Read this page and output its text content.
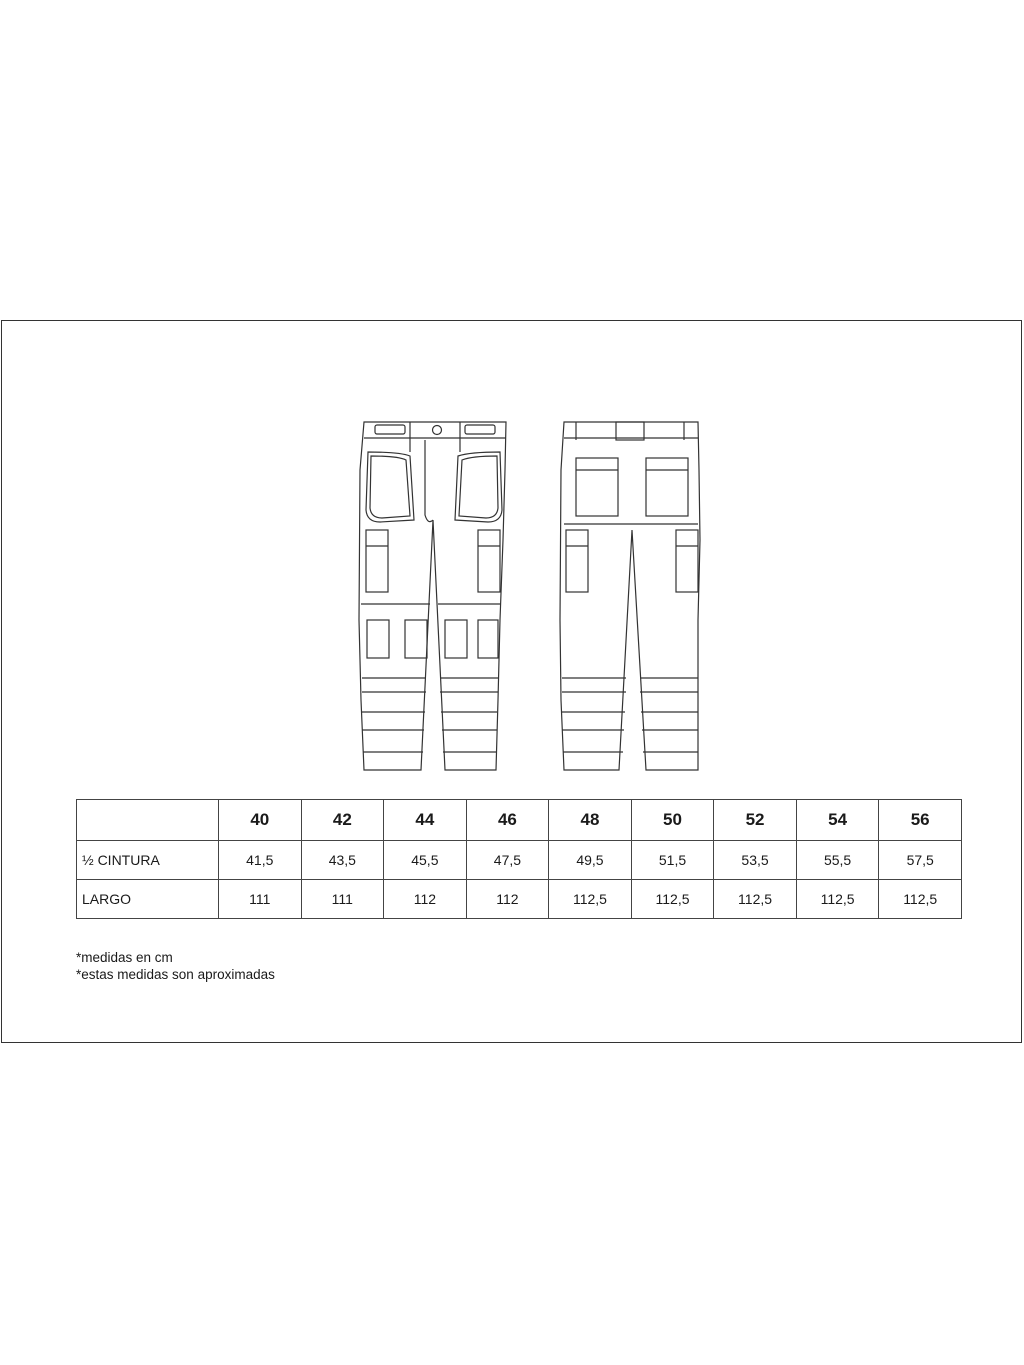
	40	42	44	46	48	50	52	54	56
½ CINTURA	41,5	43,5	45,5	47,5	49,5	51,5	53,5	55,5	57,5
LARGO	111	111	112	112	112,5	112,5	112,5	112,5	112,5
*medidas en cm
*estas medidas son aproximadas
